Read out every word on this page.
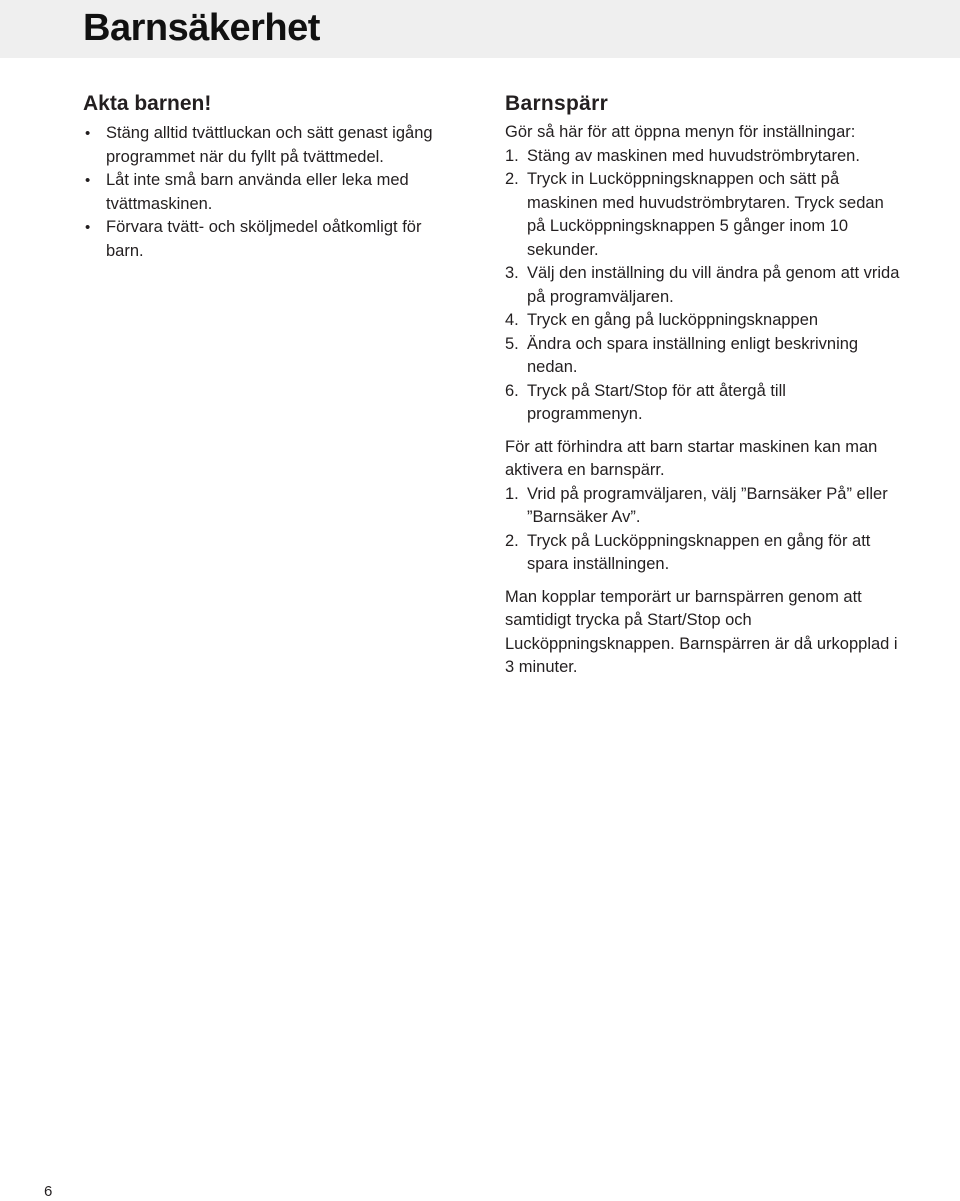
Barnsäkerhet
Akta barnen!
• Stäng alltid tvättluckan och sätt genast igång programmet när du fyllt på tvättmedel.
• Låt inte små barn använda eller leka med tvättmaskinen.
• Förvara tvätt- och sköljmedel oåtkomligt för barn.
Barnspärr

Gör så här för att öppna menyn för inställningar:

1. Stäng av maskinen med huvudströmbrytaren.
2. Tryck in Lucköppningsknappen och sätt på maskinen med huvudströmbrytaren. Tryck sedan på Lucköppningsknappen 5 gånger inom 10 sekunder.
3. Välj den inställning du vill ändra på genom att vrida på programväljaren.
4. Tryck en gång på lucköppningsknappen
5. Ändra och spara inställning enligt beskrivning nedan.
6. Tryck på Start/Stop för att återgå till programmenyn.

För att förhindra att barn startar maskinen kan man aktivera en barnspärr.

1. Vrid på programväljaren, välj ”Barnsäker På” eller ”Barnsäker Av”.
2. Tryck på Lucköppningsknappen en gång för att spara inställningen.

Man kopplar temporärt ur barnspärren genom att samtidigt trycka på Start/Stop och Lucköppningsknappen. Barnspärren är då urkopplad i 3 minuter.

6
